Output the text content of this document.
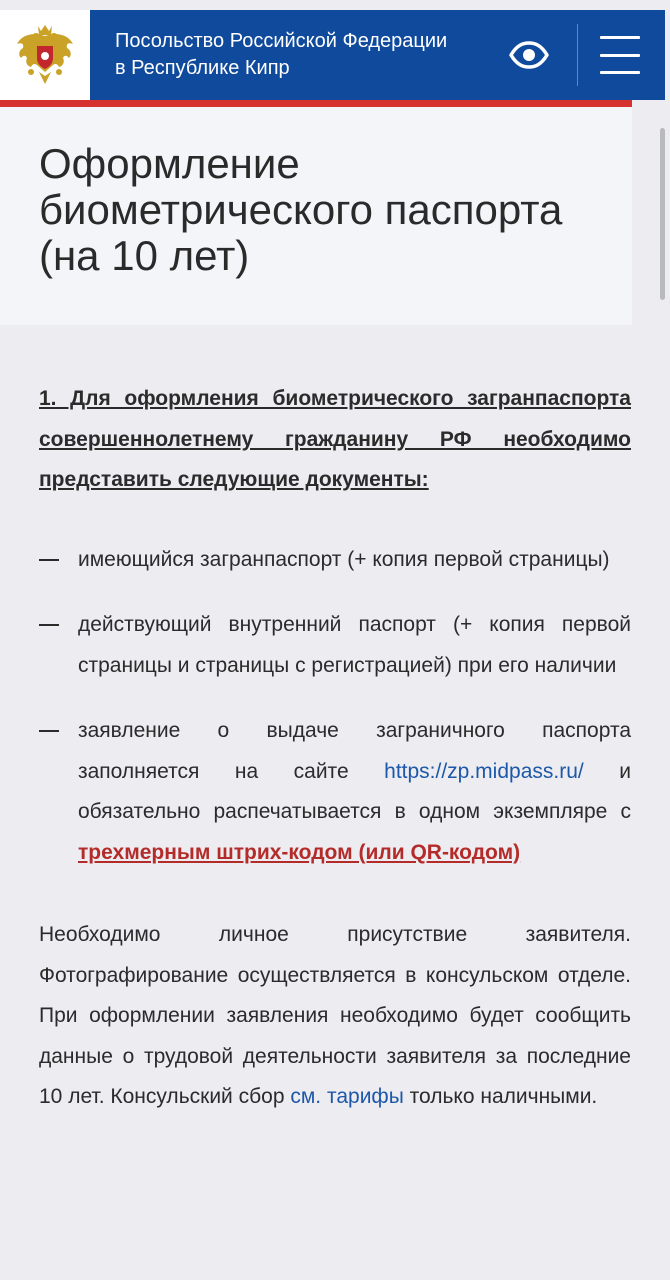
Посольство Российской Федерации
в Республике Кипр
Оформление
биометрического паспорта
(на 10 лет)

1. Для оформления биометрического загранпаспорта совершеннолетнему гражданину РФ необходимо представить следующие документы:

имеющийся загранпаспорт (+ копия первой страницы)
действующий внутренний паспорт (+ копия первой страницы и страницы с регистрацией) при его наличии
заявление о выдаче заграничного паспорта заполняется на сайте https://zp.midpass.ru/ и обязательно распечатывается в одном экземпляре с трехмерным штрих-кодом (или QR-кодом)

Необходимо личное присутствие заявителя. Фотографирование осуществляется в консульском отделе. При оформлении заявления необходимо будет сообщить данные о трудовой деятельности заявителя за последние 10 лет. Консульский сбор см. тарифы только наличными.
